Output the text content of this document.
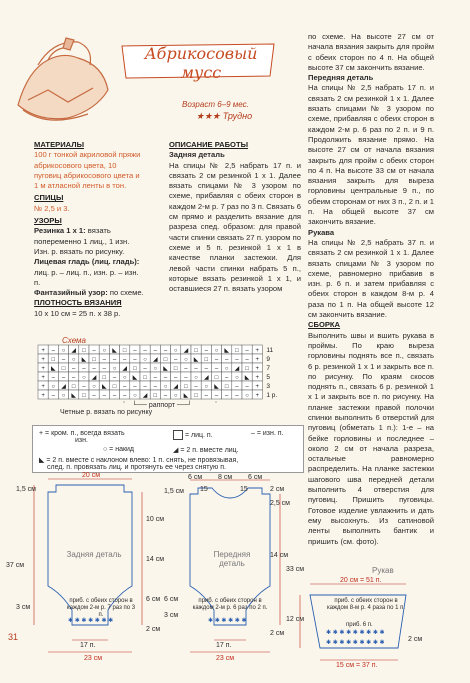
Абрикосовый мусс
Возраст 6–9 мес.
★★★ Трудно

МАТЕРИАЛЫ

100 г тонкой акриловой пряжи абрикосового цвета, 10 пуговиц абрикосового цвета и 1 м атласной ленты в тон.

СПИЦЫ

№ 2,5 и 3.

УЗОРЫ

Резинка 1 х 1: вязать попеременно 1 лиц., 1 изн. Изн. р. вязать по рисунку.

Лицевая гладь (лиц. гладь): лиц. р. – лиц. п., изн. р. – изн. п.

Фантазийный узор: по схеме.

ПЛОТНОСТЬ ВЯЗАНИЯ

10 х 10 см = 25 п. х 38 р.

ОПИСАНИЕ РАБОТЫ

Задняя деталь

На спицы № 2,5 набрать 17 п. и связать 2 см резинкой 1 х 1. Далее вязать спицами № 3 узором по схеме, прибавляя с обеих сторон в каждом 2-м р. 7 раз по 3 п. Связать 6 см прямо и разделить вязание для разреза спед. образом: для правой части спинки связать 27 п. узором по схеме и 5 п. резинкой 1 х 1 в качестве планки застежки. Для левой части спинки набрать 5 п., которые вязать резинкой 1 х 1, и оставшиеся 27 п. вязать узором

по схеме. На высоте 27 см от начала вязания закрыть для пройм с обеих сторон по 4 п. На общей высоте 37 см закончить вязание.

Передняя деталь

На спицы № 2,5 набрать 17 п. и связать 2 см резинкой 1 х 1. Далее вязать спицами № 3 узором по схеме, прибавляя с обеих сторон в каждом 2-м р. 6 раз по 2 п. и 9 п. Продолжить вязание прямо. На высоте 27 см от начала вязания закрыть для пройм с обеих сторон по 4 п. На высоте 33 см от начала вязания закрыть для выреза горловины центральные 9 п., по обеим сторонам от них 3 п., 2 п. и 1 п. На общей высоте 37 см закончить вязание.

Рукава

На спицы № 2,5 набрать 37 п. и связать 2 см резинкой 1 х 1. Далее вязать спицами № 3 узором по схеме, равномерно прибавив в изн. р. 6 п. и затем прибавляя с обеих сторон в каждом 8-м р. 4 раза по 1 п. На общей высоте 12 см закончить вязание.

СБОРКА

Выполнить швы и вшить рукава в проймы. По краю выреза горловины поднять все п., связать 6 р. резинкой 1 х 1 и закрыть все п. по рисунку. По краям скосов поднять п., связать 6 р. резинкой 1 х 1 и закрыть все п. по рисунку. На планке застежки правой полочки спинки выполнить 6 отверстий для пуговиц (обметать 1 п.): 1-е – на бейке горловины и последнее – около 2 см от начала разреза, остальные равномерно распределить. На планке застежки шагового шва передней детали выполнить 4 отверстия для пуговиц. Пришить пуговицы. Готовое изделие увлажнить и дать ему высохнуть. Из сатиновой ленты выполнить бантик и пришить (см. фото).

Схема
+ – ○ ◢ □ – ○ ◣ □ – – – – ○ ◢ □ – ○ ◣ □ – +
+ □ – ○ ◣ □ – – – – ○ ◢ □ – ○ ◣ □ – – – – +
+ ◣ □ – – – – ○ ◢ □ – ○ ◣ □ – – – – ○ ◢ □ +
+ – – – ○ ◢ □ – ○ ◣ □ – – – – ○ ◢ □ – ○ ◣ +
+ ○ ◢ □ – ○ ◣ □ – – – – ○ ◢ □ – ○ ◣ □ – – +
+ – ○ ◣ □ – – – – ○ ◢ □ – ○ ◣ □ – – – – ○ +
11
9
7
5
3
1 р.
└── раппорт ──┘
Четные р. вязать по рисунку
+ = кром. п., всегда вязать
изн.
= лиц. п.	– = изн. п.
○ = накид	◢ = 2 п. вместе лиц.
◣ = 2 п. вместе с наклоном влево: 1 п. снять, не провязывая,
след. п. провязать лиц. и протянуть ее через снятую п.
✱ ✱ ✱ ✱ ✱ ✱ ✱	✱ ✱ ✱ ✱ ✱ ✱
✱ ✱ ✱ ✱ ✱ ✱ ✱ ✱ ✱
✱ ✱ ✱ ✱ ✱ ✱ ✱ ✱ ✱
20 см
1,5 см
10 см
37 см
14 см
6 см
3 см
2 см
Задняя деталь
приб. с обеих сторон в каждом 2-м р. 7 раз по 3 п.
17 п.
23 см
6 см 8 см 6 см
15	15
1,5 см	2 см
2,5 см
33 см
14 см
6 см
3 см
2 см
Передняя деталь
приб. с обеих сторон в каждом 2-м р. 6 раз по 2 п.
17 п.
23 см
Рукав
20 см = 51 п.
приб. с обеих сторон в каждом 8-м р. 4 раза по 1 п.
приб. 6 п.
12 см
2 см
15 см = 37 п.
31
